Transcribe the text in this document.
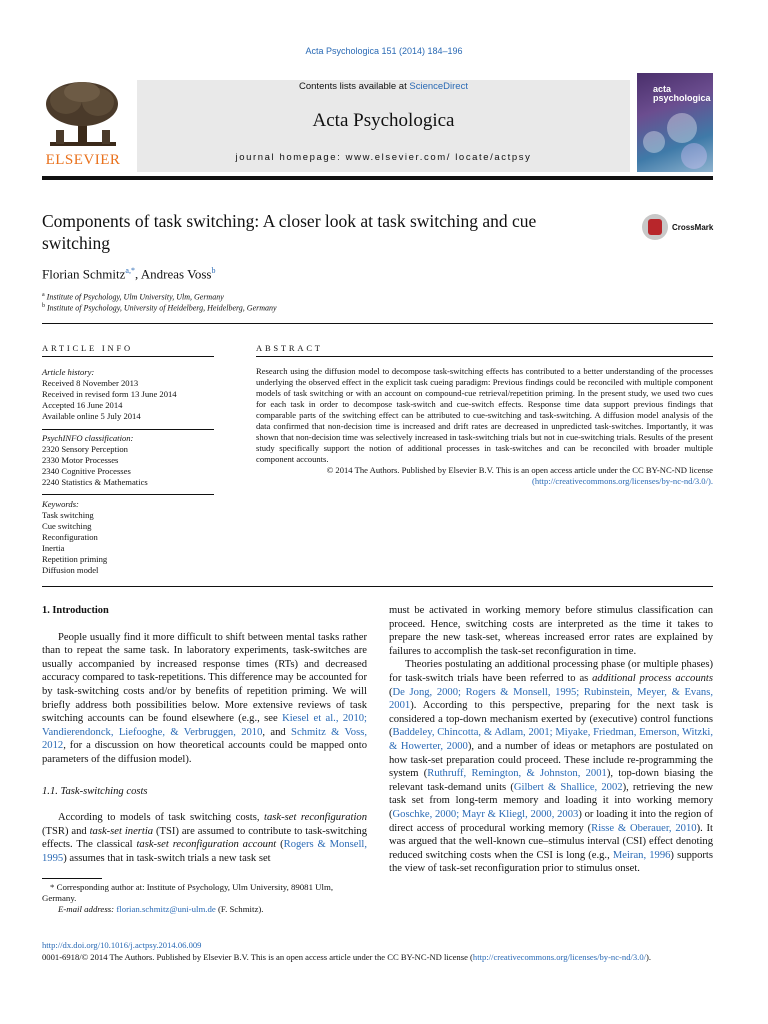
Acta Psychologica 151 (2014) 184–196
ELSEVIER
Contents lists available at ScienceDirect
Acta Psychologica
journal homepage: www.elsevier.com/ locate/actpsy
acta psychologica
Components of task switching: A closer look at task switching and cue switching
CrossMark
Florian Schmitz$^{a,*}$, Andreas Voss$^b$
$^a$ Institute of Psychology, Ulm University, Ulm, Germany
$^b$ Institute of Psychology, University of Heidelberg, Heidelberg, Germany
ARTICLE INFO
Article history:
Received 8 November 2013
Received in revised form 13 June 2014
Accepted 16 June 2014
Available online 5 July 2014
PsychINFO classification:
2320 Sensory Perception
2330 Motor Processes
2340 Cognitive Processes
2240 Statistics & Mathematics
Keywords:
Task switching
Cue switching
Reconfiguration
Inertia
Repetition priming
Diffusion model
ABSTRACT
Research using the diffusion model to decompose task-switching effects has contributed to a better understanding of the processes underlying the observed effect in the explicit task cueing paradigm: Previous findings could be reconciled with multiple component models of task switching or with an account on compound-cue retrieval/repetition priming. In the present study, we used two cues for each task in order to decompose task-switch and cue-switch effects. Response time data support previous findings that comparable parts of the switching effect can be attributed to cue-switching and task-switching. A diffusion model analysis of the data confirmed that non-decision time is increased and drift rates are decreased in unpredicted task-switches. Importantly, it was shown that non-decision time was selectively increased in task-switching trials but not in cue-switching trials. Results of the present study specifically support the notion of additional processes in task-switches and can be reconciled with broader multiple component accounts.
© 2014 The Authors. Published by Elsevier B.V. This is an open access article under the CC BY-NC-ND license
(http://creativecommons.org/licenses/by-nc-nd/3.0/).

1. Introduction

People usually find it more difficult to shift between mental tasks rather than to repeat the same task. In laboratory experiments, task-switches are usually accompanied by increased response times (RTs) and decreased accuracy compared to task-repetitions. This difference may be accounted for by task-switching costs and/or by benefits of repetition priming. We will briefly address both possibilities below. More extensive reviews of task switching accounts can be found elsewhere (e.g., see Kiesel et al., 2010; Vandierendonck, Liefooghe, & Verbruggen, 2010, and Schmitz & Voss, 2012, for a discussion on how theoretical accounts could be mapped onto parameters of the diffusion model).

1.1. Task-switching costs

According to models of task switching costs, task-set reconfiguration (TSR) and task-set inertia (TSI) are assumed to contribute to task-switching effects. The classical task-set reconfiguration account (Rogers & Monsell, 1995) assumes that in task-switch trials a new task set

* Corresponding author at: Institute of Psychology, Ulm University, 89081 Ulm, Germany.
E-mail address: florian.schmitz@uni-ulm.de (F. Schmitz).

must be activated in working memory before stimulus classification can proceed. Hence, switching costs are interpreted as the time it takes to prepare the new task-set, whereas increased error rates are explained by failures to accomplish the task-set reconfiguration in time.

Theories postulating an additional processing phase (or multiple phases) for task-switch trials have been referred to as additional process accounts (De Jong, 2000; Rogers & Monsell, 1995; Rubinstein, Meyer, & Evans, 2001). According to this perspective, preparing for the next task is considered a top-down mechanism exerted by (executive) control functions (Baddeley, Chincotta, & Adlam, 2001; Miyake, Friedman, Emerson, Witzki, & Howerter, 2000), and a number of ideas or metaphors are postulated on how task-set preparation could proceed. These include re-programming the system (Ruthruff, Remington, & Johnston, 2001), top-down biasing the relevant task-demand units (Gilbert & Shallice, 2002), retrieving the new task set from long-term memory and loading it into working memory (Goschke, 2000; Mayr & Kliegl, 2000, 2003) or loading it into the region of direct access of procedural working memory (Risse & Oberauer, 2010). It was argued that the well-known cue–stimulus interval (CSI) effect denoting reduced switching costs when the CSI is long (e.g., Meiran, 1996) supports the view of task-set reconfiguration prior to stimulus onset.

http://dx.doi.org/10.1016/j.actpsy.2014.06.009
0001-6918/© 2014 The Authors. Published by Elsevier B.V. This is an open access article under the CC BY-NC-ND license (http://creativecommons.org/licenses/by-nc-nd/3.0/).
